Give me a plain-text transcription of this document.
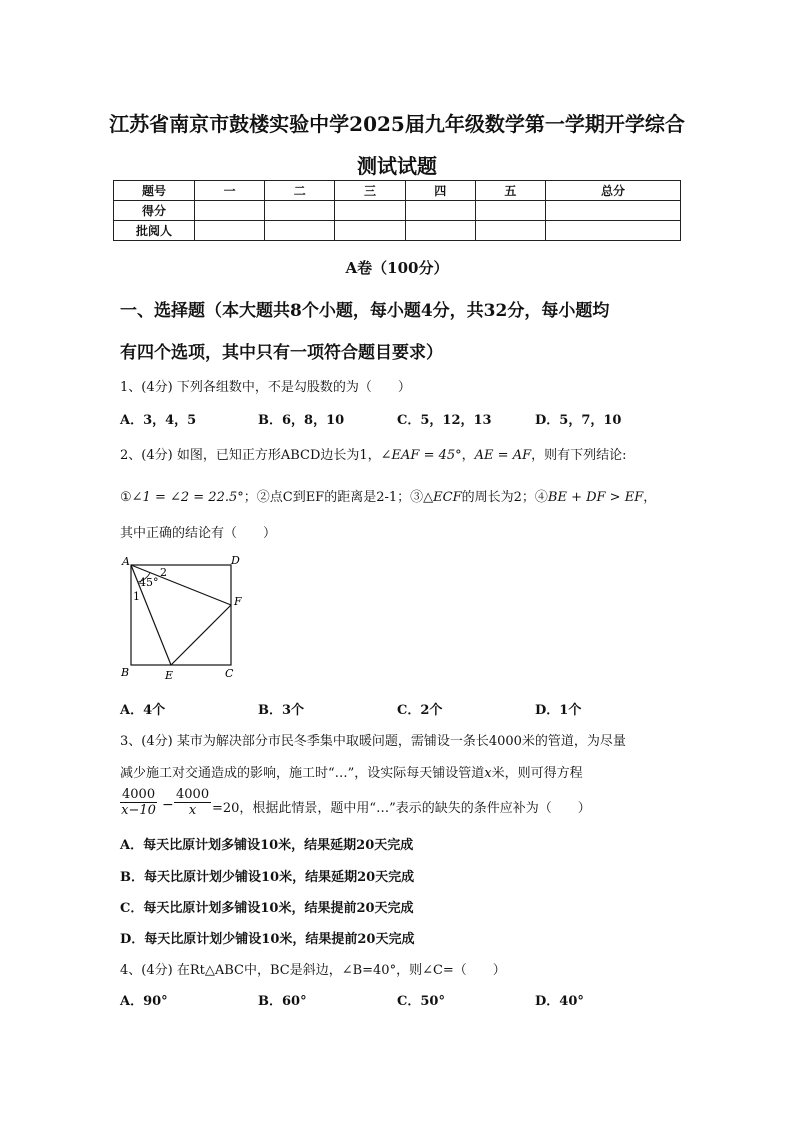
江苏省南京市鼓楼实验中学2025届九年级数学第一学期开学综合
测试试题
题号	一	二	三	四	五	总分
得分						
批阅人						
A卷（100分）
一、选择题（本大题共8个小题，每小题4分，共32分，每小题均
有四个选项，其中只有一项符合题目要求）
1、(4分) 下列各组数中，不是勾股数的为（　　）
A．3，4，5	B．6，8，10	C．5，12，13	D．5，7，10
2、(4分) 如图，已知正方形ABCD边长为1，∠EAF = 45°，AE = AF，则有下列结论:
①∠1 = ∠2 = 22.5°；②点C到EF的距离是2-1；③△ECF的周长为2；④BE + DF > EF，
其中正确的结论有（　　）
A	D
B	C
E
F
1
2
45°
A．4个	B．3个	C．2个	D．1个
3、(4分) 某市为解决部分市民冬季集中取暖问题，需铺设一条长4000米的管道，为尽量
减少施工对交通造成的影响，施工时“…”，设实际每天铺设管道x米，则可得方程
$\frac{4000}{x-10} - \frac{4000}{x} =20$，根据此情景，题中用“…”表示的缺失的条件应补为（　　）
A．每天比原计划多铺设10米，结果延期20天完成
B．每天比原计划少铺设10米，结果延期20天完成
C．每天比原计划多铺设10米，结果提前20天完成
D．每天比原计划少铺设10米，结果提前20天完成
4、(4分) 在Rt△ABC中，BC是斜边，∠B=40°，则∠C=（　　）
A．90°	B．60°	C．50°	D．40°
